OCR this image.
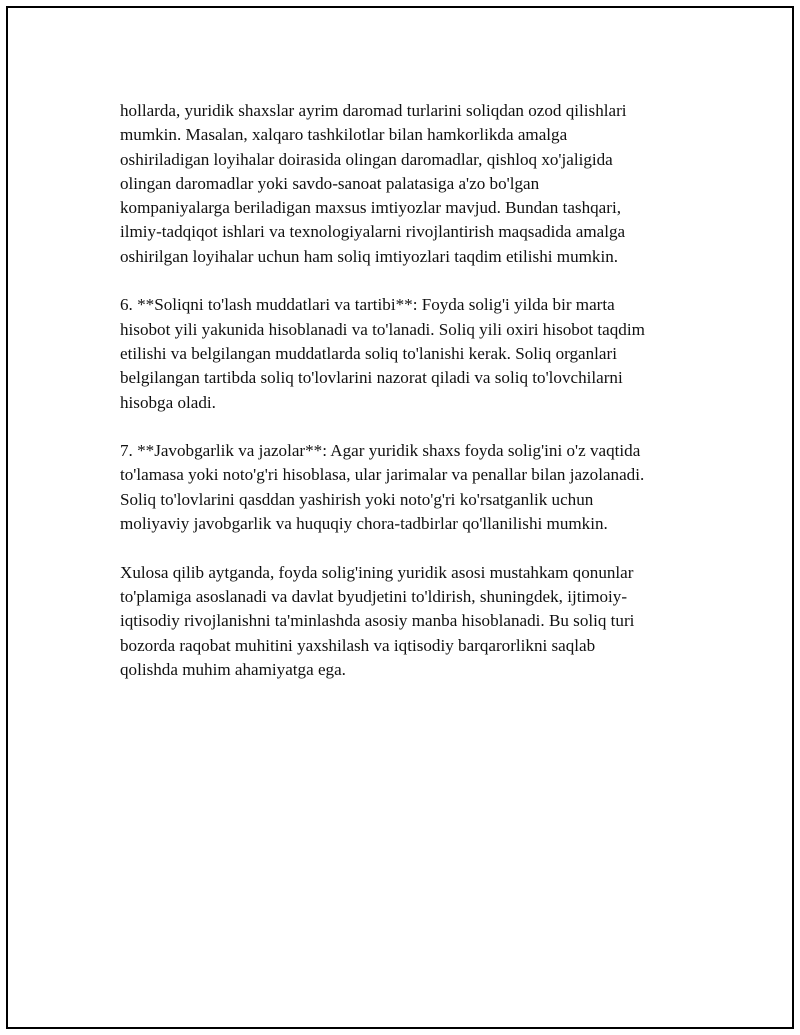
hollarda, yuridik shaxslar ayrim daromad turlarini soliqdan ozod qilishlari
mumkin. Masalan, xalqaro tashkilotlar bilan hamkorlikda amalga
oshiriladigan loyihalar doirasida olingan daromadlar, qishloq xo'jaligida
olingan daromadlar yoki savdo-sanoat palatasiga a'zo bo'lgan
kompaniyalarga beriladigan maxsus imtiyozlar mavjud. Bundan tashqari,
ilmiy-tadqiqot ishlari va texnologiyalarni rivojlantirish maqsadida amalga
oshirilgan loyihalar uchun ham soliq imtiyozlari taqdim etilishi mumkin.

6. **Soliqni to'lash muddatlari va tartibi**: Foyda solig'i yilda bir marta
hisobot yili yakunida hisoblanadi va to'lanadi. Soliq yili oxiri hisobot taqdim
etilishi va belgilangan muddatlarda soliq to'lanishi kerak. Soliq organlari
belgilangan tartibda soliq to'lovlarini nazorat qiladi va soliq to'lovchilarni
hisobga oladi.

7. **Javobgarlik va jazolar**: Agar yuridik shaxs foyda solig'ini o'z vaqtida
to'lamasa yoki noto'g'ri hisoblasa, ular jarimalar va penallar bilan jazolanadi.
Soliq to'lovlarini qasddan yashirish yoki noto'g'ri ko'rsatganlik uchun
moliyaviy javobgarlik va huquqiy chora-tadbirlar qo'llanilishi mumkin.

Xulosa qilib aytganda, foyda solig'ining yuridik asosi mustahkam qonunlar
to'plamiga asoslanadi va davlat byudjetini to'ldirish, shuningdek, ijtimoiy-
iqtisodiy rivojlanishni ta'minlashda asosiy manba hisoblanadi. Bu soliq turi
bozorda raqobat muhitini yaxshilash va iqtisodiy barqarorlikni saqlab
qolishda muhim ahamiyatga ega.
